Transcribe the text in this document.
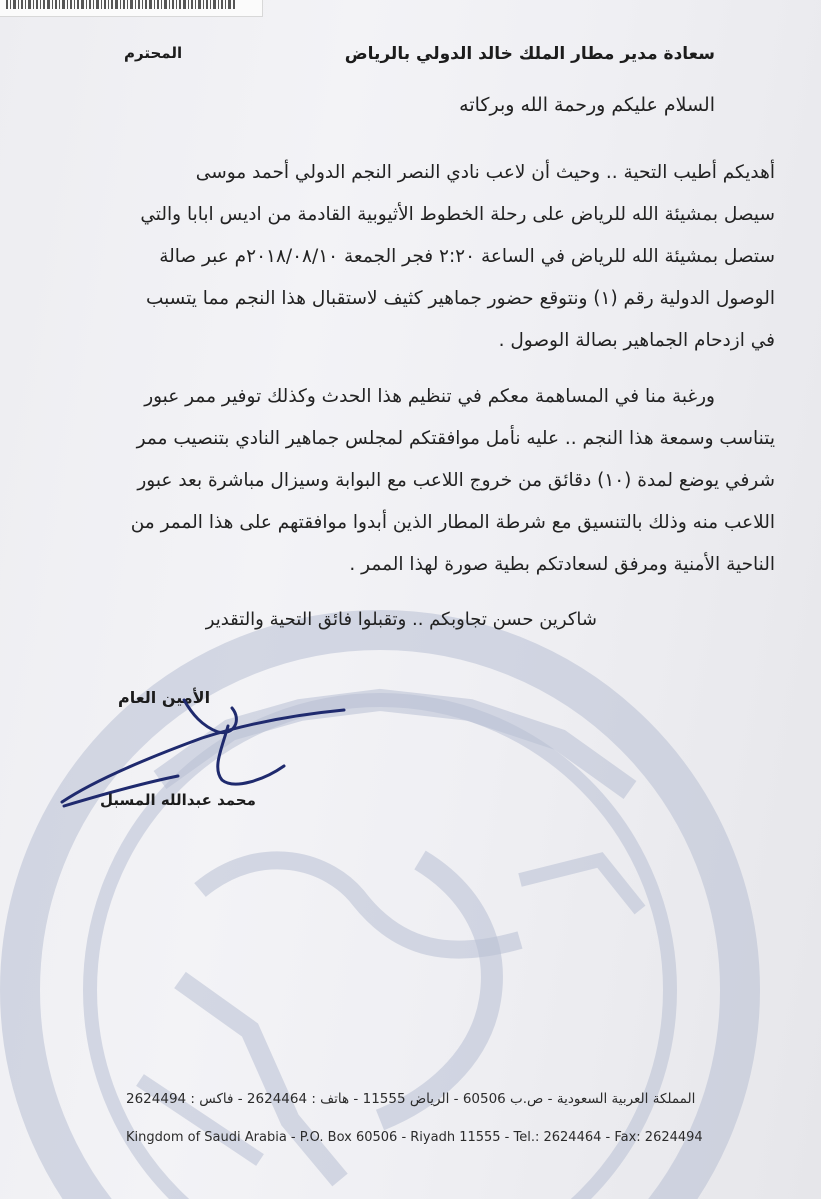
سعادة مدير مطار الملك خالد الدولي بالرياض
المحترم
السلام عليكم ورحمة الله وبركاته
أهديكم أطيب التحية .. وحيث أن لاعب نادي النصر النجم الدولي أحمد موسى
سيصل بمشيئة الله للرياض على رحلة الخطوط الأثيوبية القادمة من اديس ابابا والتي
ستصل بمشيئة الله للرياض في الساعة ٢:٢٠ فجر الجمعة ٢٠١٨/٠٨/١٠م عبر صالة
الوصول الدولية رقم (١) ونتوقع حضور جماهير كثيف لاستقبال هذا النجم مما يتسبب
في ازدحام الجماهير بصالة الوصول .
ورغبة منا في المساهمة معكم في تنظيم هذا الحدث وكذلك توفير ممر عبور
يتناسب وسمعة هذا النجم .. عليه نأمل موافقتكم لمجلس جماهير النادي بتنصيب ممر
شرفي يوضع لمدة (١٠) دقائق من خروج اللاعب مع البوابة وسيزال مباشرة بعد عبور
اللاعب منه وذلك بالتنسيق مع شرطة المطار الذين أبدوا موافقتهم على هذا الممر من
الناحية الأمنية ومرفق لسعادتكم بطية صورة لهذا الممر .
شاكرين حسن تجاوبكم .. وتقبلوا فائق التحية والتقدير
الأمين العام
محمد عبدالله المسبل
المملكة العربية السعودية - ص.ب 60506 - الرياض 11555 - هاتف : 2624464 - فاكس : 2624494
Kingdom of Saudi Arabia - P.O. Box 60506 - Riyadh 11555 - Tel.: 2624464 - Fax: 2624494
